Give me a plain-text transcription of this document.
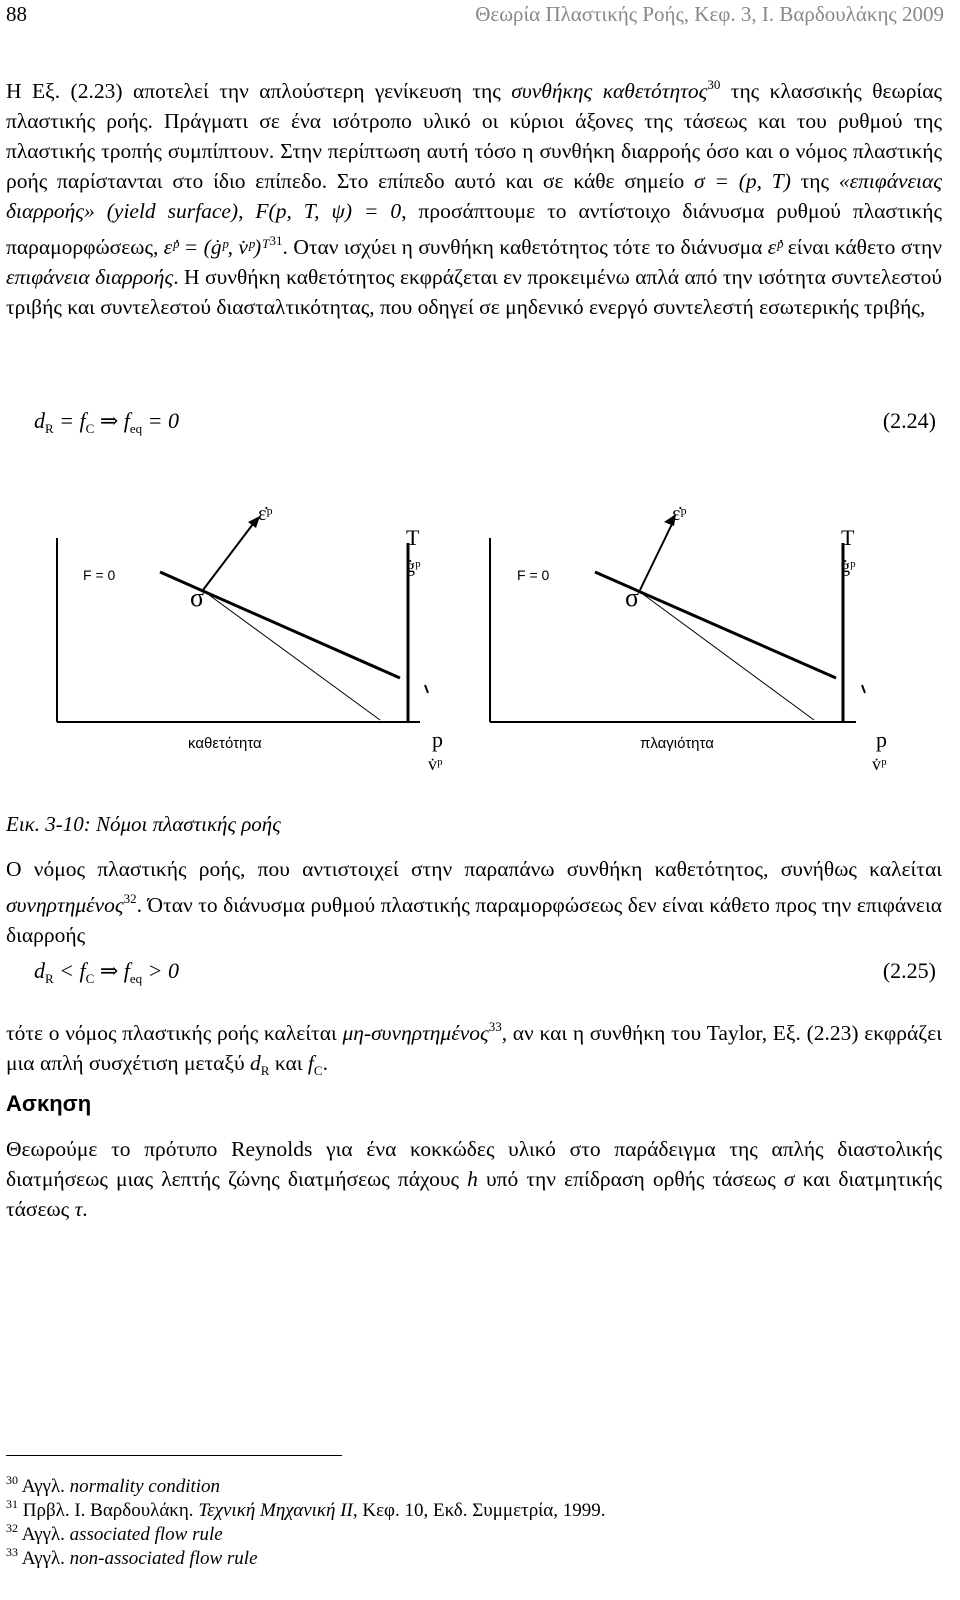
88	Θεωρία Πλαστικής Ροής, Κεφ. 3, Ι. Βαρδουλάκης 2009
Η Εξ. (2.23) αποτελεί την απλούστερη γενίκευση της συνθήκης καθετότητος$^{30}$ της κλασσικής θεωρίας πλαστικής ροής. Πράγματι σε ένα ισότροπο υλικό οι κύριοι άξονες της τάσεως και του ρυθμού της πλαστικής τροπής συμπίπτουν. Στην περίπτωση αυτή τόσο η συνθήκη διαρροής όσο και ο νόμος πλαστικής ροής παρίστανται στο ίδιο επίπεδο. Στο επίπεδο αυτό και σε κάθε σημείο σ = (p, T) της «επιφάνειας διαρροής» (yield surface), F(p, T, ψ) = 0, προσάπτουμε το αντίστοιχο διάνυσμα ρυθμού πλαστικής παραμορφώσεως, ε̇ᵖ = (ġᵖ, v̇ᵖ)ᵀ$^{31}$. Οταν ισχύει η συνθήκη καθετότητος τότε το διάνυσμα ε̇ᵖ είναι κάθετο στην επιφάνεια διαρροής. Η συνθήκη καθετότητος εκφράζεται εν προκειμένω απλά από την ισότητα συντελεστού τριβής και συντελεστού διασταλτικότητας, που οδηγεί σε μηδενικό ενεργό συντελεστή εσωτερικής τριβής,
$d_R = f_C$ ⇒ $f_{eq} = 0$	(2.24)
F = 0
σ
ε̇ᵖ
T
ġᵖ
p
v̇ᵖ
καθετότητα
F = 0
σ
ε̇ᵖ
T
ġᵖ
p
v̇ᵖ
πλαγιότητα
Εικ. 3-10: Νόμοι πλαστικής ροής
Ο νόμος πλαστικής ροής, που αντιστοιχεί στην παραπάνω συνθήκη καθετότητος, συνήθως καλείται συνηρτημένος$^{32}$. Όταν το διάνυσμα ρυθμού πλαστικής παραμορφώσεως δεν είναι κάθετο προς την επιφάνεια διαρροής
$d_R < f_C$ ⇒ $f_{eq} > 0$	(2.25)
τότε ο νόμος πλαστικής ροής καλείται μη-συνηρτημένος$^{33}$, αν και η συνθήκη του Taylor, Εξ. (2.23) εκφράζει μια απλή συσχέτιση μεταξύ $d_R$ και $f_C$.
Ασκηση
Θεωρούμε το πρότυπο Reynolds για ένα κοκκώδες υλικό στο παράδειγμα της απλής διαστολικής διατμήσεως μιας λεπτής ζώνης διατμήσεως πάχους h υπό την επίδραση ορθής τάσεως σ και διατμητικής τάσεως τ.
$^{30}$ Αγγλ. normality condition
$^{31}$ Πρβλ. Ι. Βαρδουλάκη. Τεχνική Μηχανική ΙΙ, Κεφ. 10, Εκδ. Συμμετρία, 1999.
$^{32}$ Αγγλ. associated flow rule
$^{33}$ Αγγλ. non-associated flow rule
